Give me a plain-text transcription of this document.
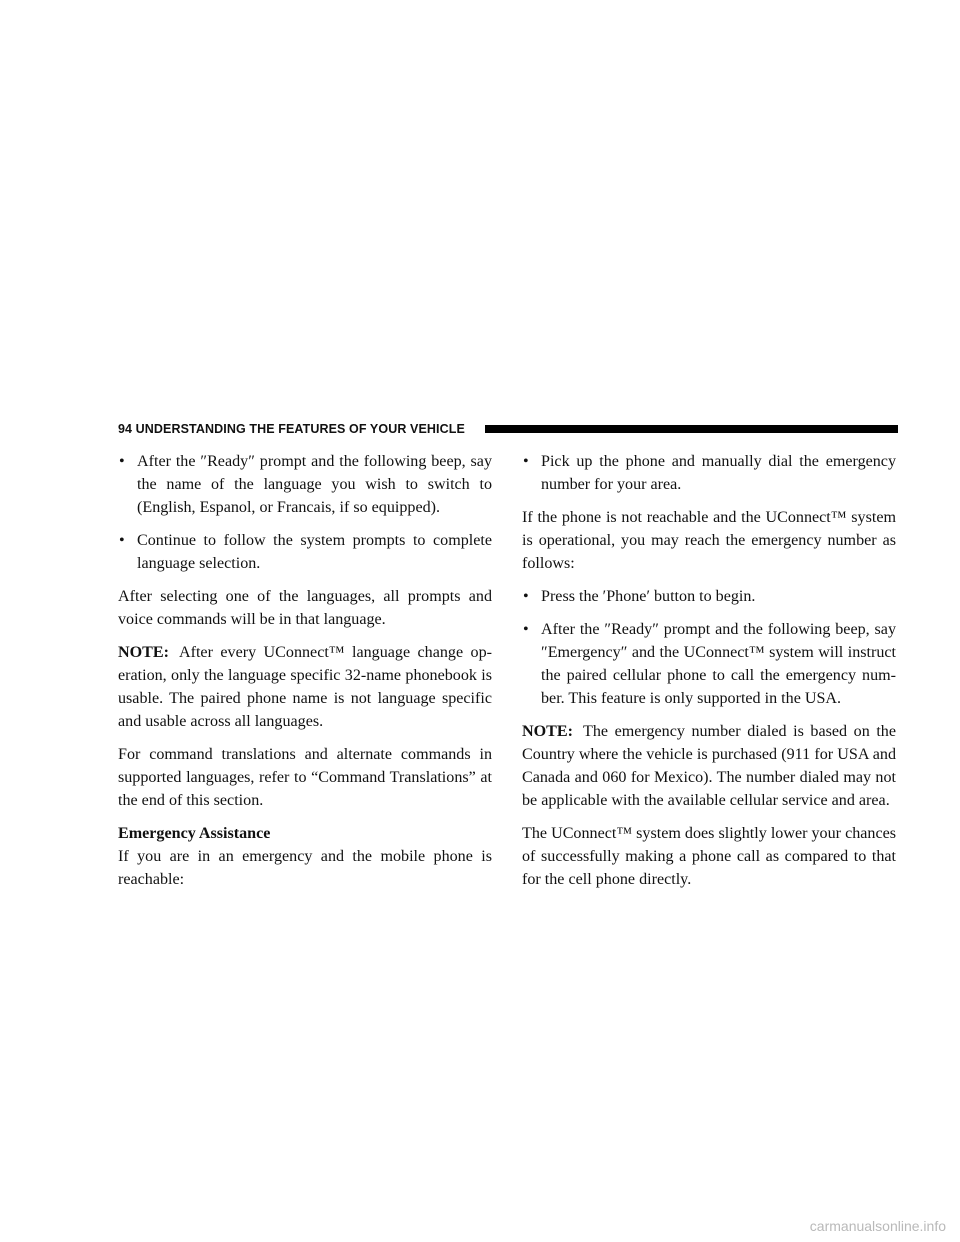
94 UNDERSTANDING THE FEATURES OF YOUR VEHICLE
• After the ″Ready″ prompt and the following beep, say the name of the language you wish to switch to (English, Espanol, or Francais, if so equipped).
• Continue to follow the system prompts to complete language selection.

After selecting one of the languages, all prompts and voice commands will be in that language.

NOTE: After every UConnect™ language change op-eration, only the language specific 32-name phonebook is usable. The paired phone name is not language specific and usable across all languages.

For command translations and alternate commands in supported languages, refer to “Command Translations” at the end of this section.

Emergency Assistance

If you are in an emergency and the mobile phone is reachable:

• Pick up the phone and manually dial the emergency number for your area.

If the phone is not reachable and the UConnect™ system is operational, you may reach the emergency number as follows:

• Press the ′Phone′ button to begin.
• After the ″Ready″ prompt and the following beep, say ″Emergency″ and the UConnect™ system will instruct the paired cellular phone to call the emergency num-ber. This feature is only supported in the USA.

NOTE: The emergency number dialed is based on the Country where the vehicle is purchased (911 for USA and Canada and 060 for Mexico). The number dialed may not be applicable with the available cellular service and area.

The UConnect™ system does slightly lower your chances of successfully making a phone call as compared to that for the cell phone directly.

carmanualsonline.info
